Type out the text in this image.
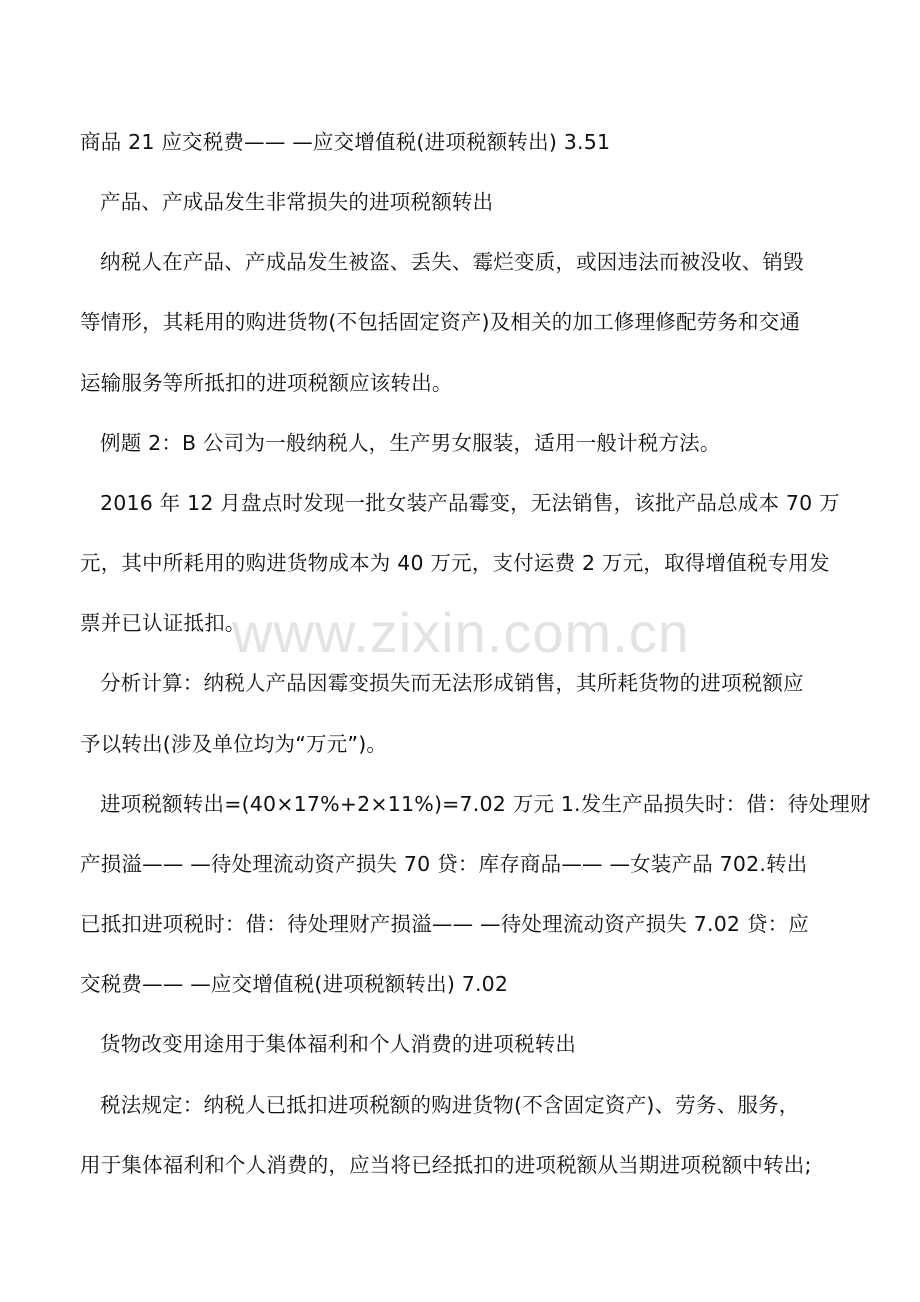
商品 21 应交税费—— —应交增值税(进项税额转出) 3.51
产品、产成品发生非常损失的进项税额转出
纳税人在产品、产成品发生被盗、丢失、霉烂变质，或因违法而被没收、销毁
等情形，其耗用的购进货物(不包括固定资产)及相关的加工修理修配劳务和交通
运输服务等所抵扣的进项税额应该转出。
例题 2：B 公司为一般纳税人，生产男女服装，适用一般计税方法。
2016 年 12 月盘点时发现一批女装产品霉变，无法销售，该批产品总成本 70 万
元，其中所耗用的购进货物成本为 40 万元，支付运费 2 万元，取得增值税专用发
票并已认证抵扣。
分析计算：纳税人产品因霉变损失而无法形成销售，其所耗货物的进项税额应
予以转出(涉及单位均为“万元”)。
进项税额转出=(40×17%+2×11%)=7.02 万元 1.发生产品损失时：借：待处理财
产损溢—— —待处理流动资产损失 70 贷：库存商品—— —女装产品 702.转出
已抵扣进项税时：借：待处理财产损溢—— —待处理流动资产损失 7.02 贷：应
交税费—— —应交增值税(进项税额转出) 7.02
货物改变用途用于集体福利和个人消费的进项税转出
税法规定：纳税人已抵扣进项税额的购进货物(不含固定资产)、劳务、服务，
用于集体福利和个人消费的，应当将已经抵扣的进项税额从当期进项税额中转出;
www.zixin.com.cn
